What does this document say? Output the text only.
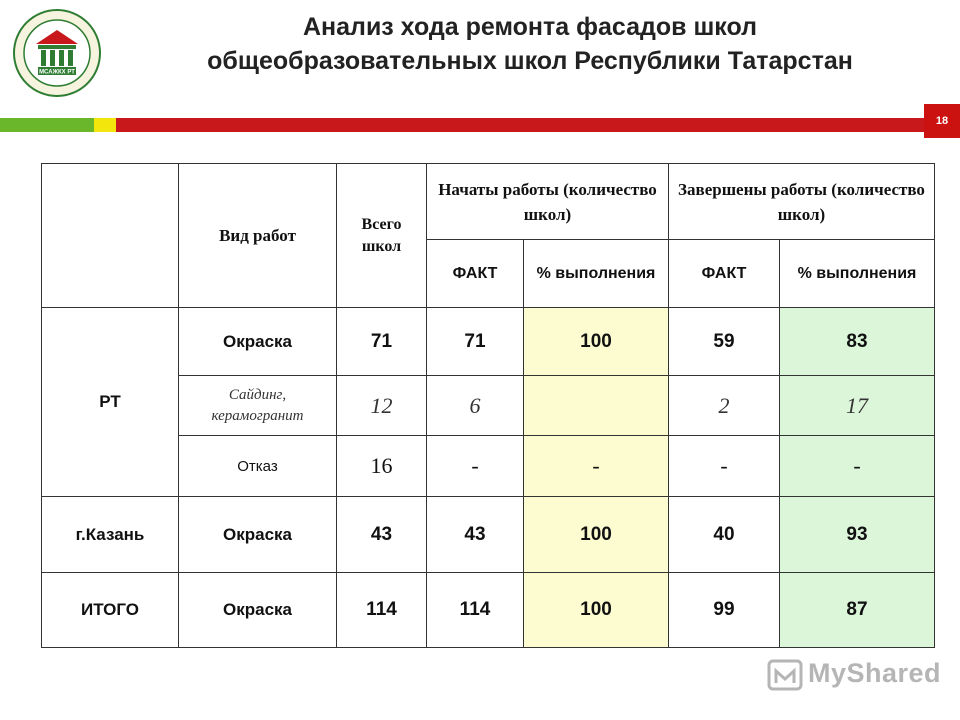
МСАЖКХ РТ
Анализ хода ремонта фасадов школ
общеобразовательных школ Республики Татарстан
18
	Вид работ	Всего школ	Начаты работы (количество школ)		Завершены работы (количество школ)	
			ФАКТ	% выполнения	ФАКТ	% выполнения
РТ	Окраска	71	71	100	59	83
	Сайдинг, керамогранит	12	6		2	17
	Отказ	16	-	-	-	-
г.Казань	Окраска	43	43	100	40	93
ИТОГО	Окраска	114	114	100	99	87
MyShared
